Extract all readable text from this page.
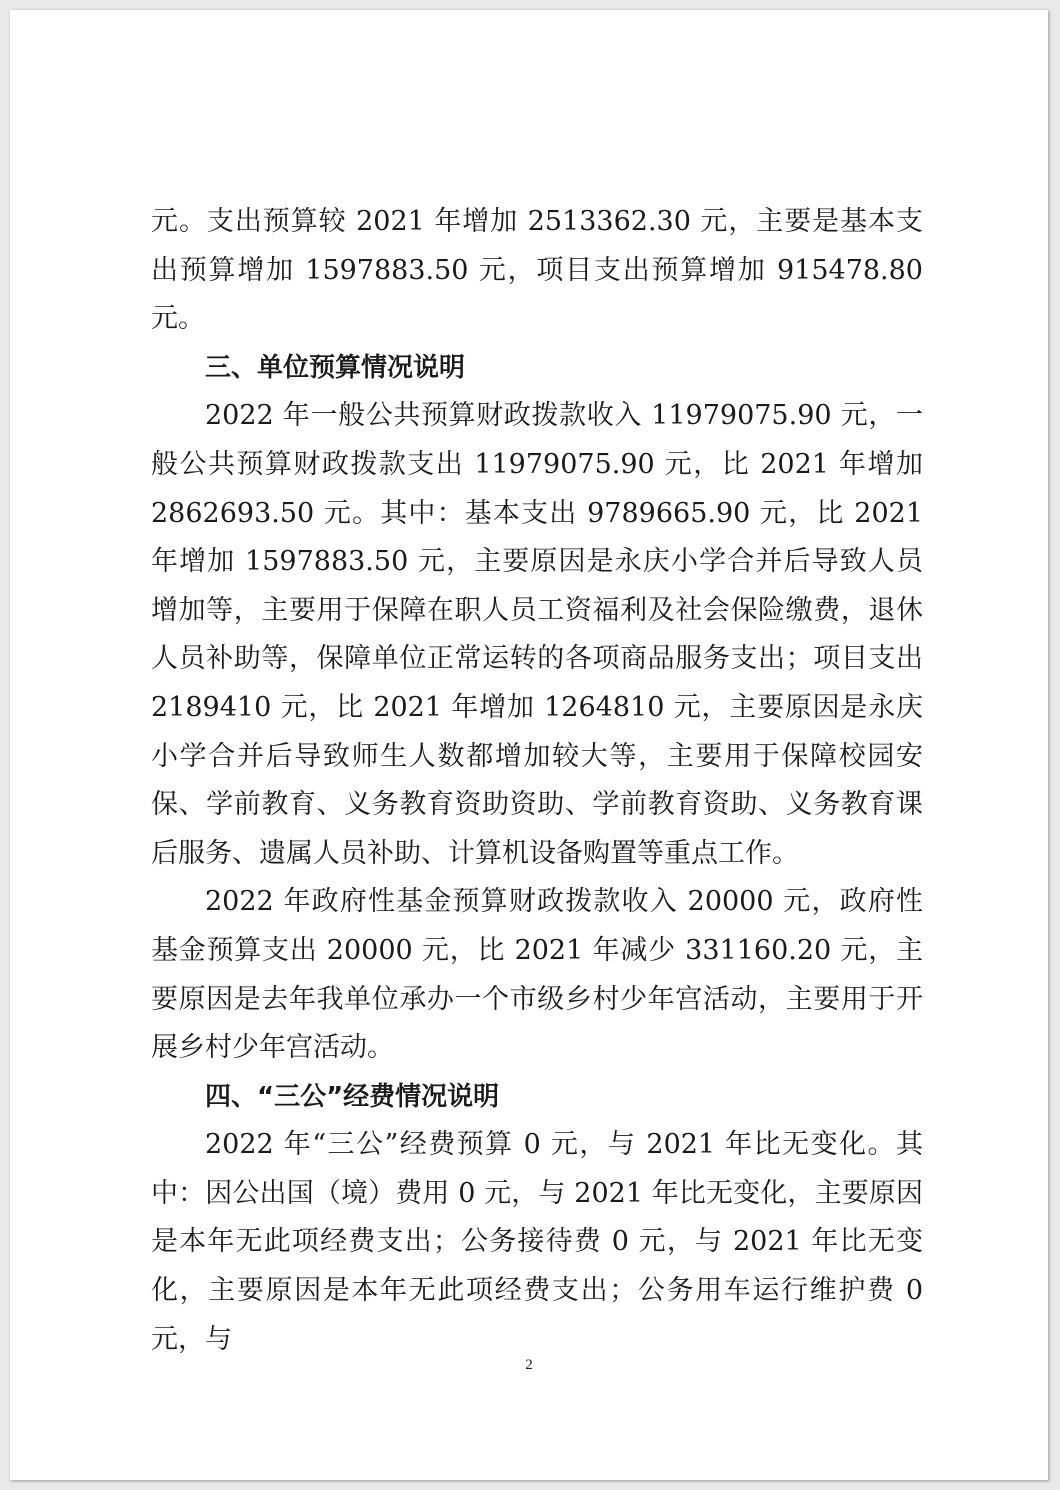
元。支出预算较 2021 年增加 2513362.30 元，主要是基本支出预算增加 1597883.50 元，项目支出预算增加 915478.80 元。

三、单位预算情况说明

2022 年一般公共预算财政拨款收入 11979075.90 元，一般公共预算财政拨款支出 11979075.90 元，比 2021 年增加 2862693.50 元。其中：基本支出 9789665.90 元，比 2021 年增加 1597883.50 元，主要原因是永庆小学合并后导致人员增加等，主要用于保障在职人员工资福利及社会保险缴费，退休人员补助等，保障单位正常运转的各项商品服务支出；项目支出 2189410 元，比 2021 年增加 1264810 元，主要原因是永庆小学合并后导致师生人数都增加较大等，主要用于保障校园安保、学前教育、义务教育资助资助、学前教育资助、义务教育课后服务、遗属人员补助、计算机设备购置等重点工作。

2022 年政府性基金预算财政拨款收入 20000 元，政府性基金预算支出 20000 元，比 2021 年减少 331160.20 元，主要原因是去年我单位承办一个市级乡村少年宫活动，主要用于开展乡村少年宫活动。

四、“三公”经费情况说明

2022 年“三公”经费预算 0 元，与 2021 年比无变化。其中：因公出国（境）费用 0 元，与 2021 年比无变化，主要原因是本年无此项经费支出；公务接待费 0 元，与 2021 年比无变化，主要原因是本年无此项经费支出；公务用车运行维护费 0 元，与

2
